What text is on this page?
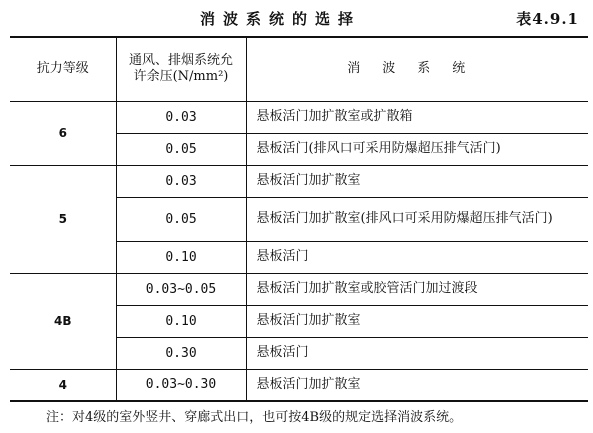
消波系统的选择	表4.9.1
抗力等级	通风、排烟系统允许余压(N/mm²)	消波系统
6	0.03	悬板活门加扩散室或扩散箱
	0.05	悬板活门(排风口可采用防爆超压排气活门)
5	0.03	悬板活门加扩散室
	0.05	悬板活门加扩散室(排风口可采用防爆超压排气活门)
	0.10	悬板活门
4B	0.03~0.05	悬板活门加扩散室或胶管活门加过渡段
	0.10	悬板活门加扩散室
	0.30	悬板活门
4	0.03~0.30	悬板活门加扩散室
注：对4级的室外竖井、穿廊式出口，也可按4B级的规定选择消波系统。
